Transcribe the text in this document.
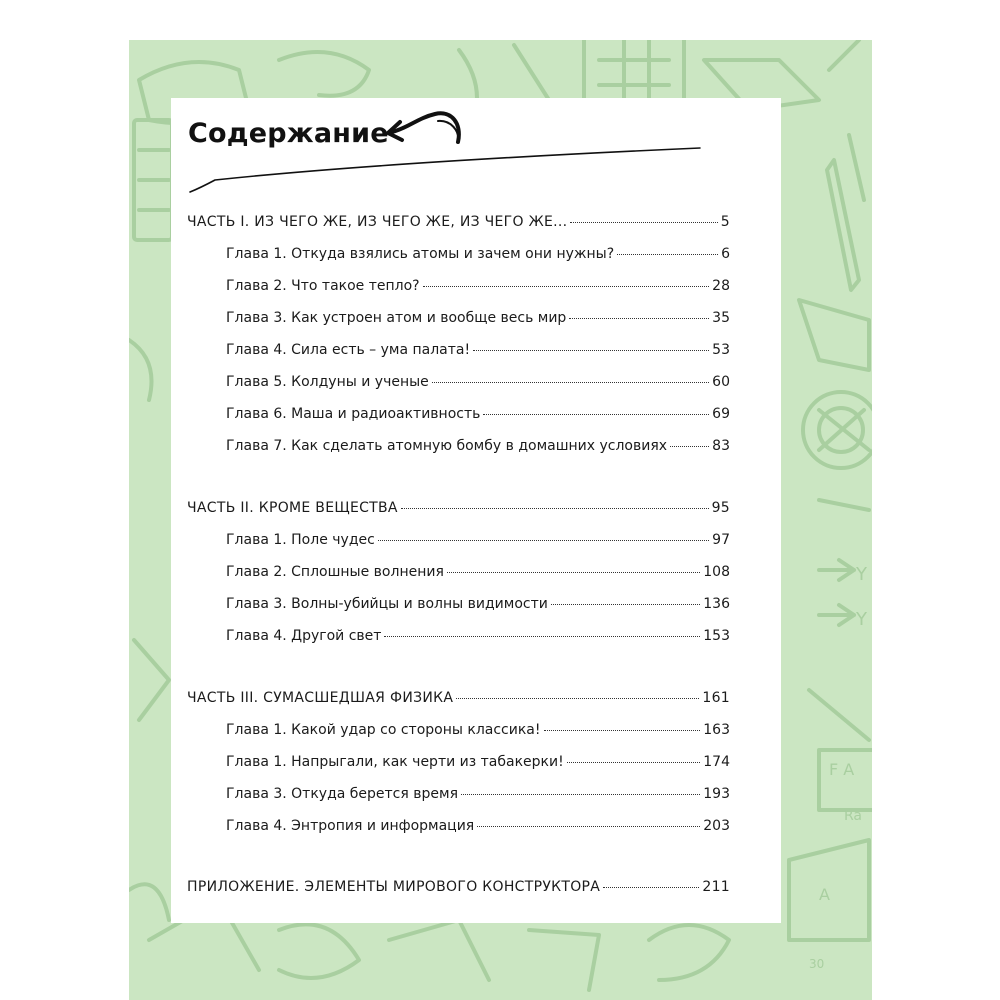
Y
Y
F A
Ra
A
30
Содержание
ЧАСТЬ I. ИЗ ЧЕГО ЖЕ, ИЗ ЧЕГО ЖЕ, ИЗ ЧЕГО ЖЕ...	5
Глава 1. Откуда взялись атомы и зачем они нужны?	6
Глава 2. Что такое тепло?	28
Глава 3. Как устроен атом и вообще весь мир	35
Глава 4. Сила есть – ума палата!	53
Глава 5. Колдуны и ученые	60
Глава 6. Маша и радиоактивность	69
Глава 7. Как сделать атомную бомбу в домашних условиях	83
ЧАСТЬ II. КРОМЕ ВЕЩЕСТВА	95
Глава 1. Поле чудес	97
Глава 2. Сплошные волнения	108
Глава 3. Волны-убийцы и волны видимости	136
Глава 4. Другой свет	153
ЧАСТЬ III. СУМАСШЕДШАЯ ФИЗИКА	161
Глава 1. Какой удар со стороны классика!	163
Глава 1. Напрыгали, как черти из табакерки!	174
Глава 3. Откуда берется время	193
Глава 4. Энтропия и информация	203
ПРИЛОЖЕНИЕ. ЭЛЕМЕНТЫ МИРОВОГО КОНСТРУКТОРА	211
